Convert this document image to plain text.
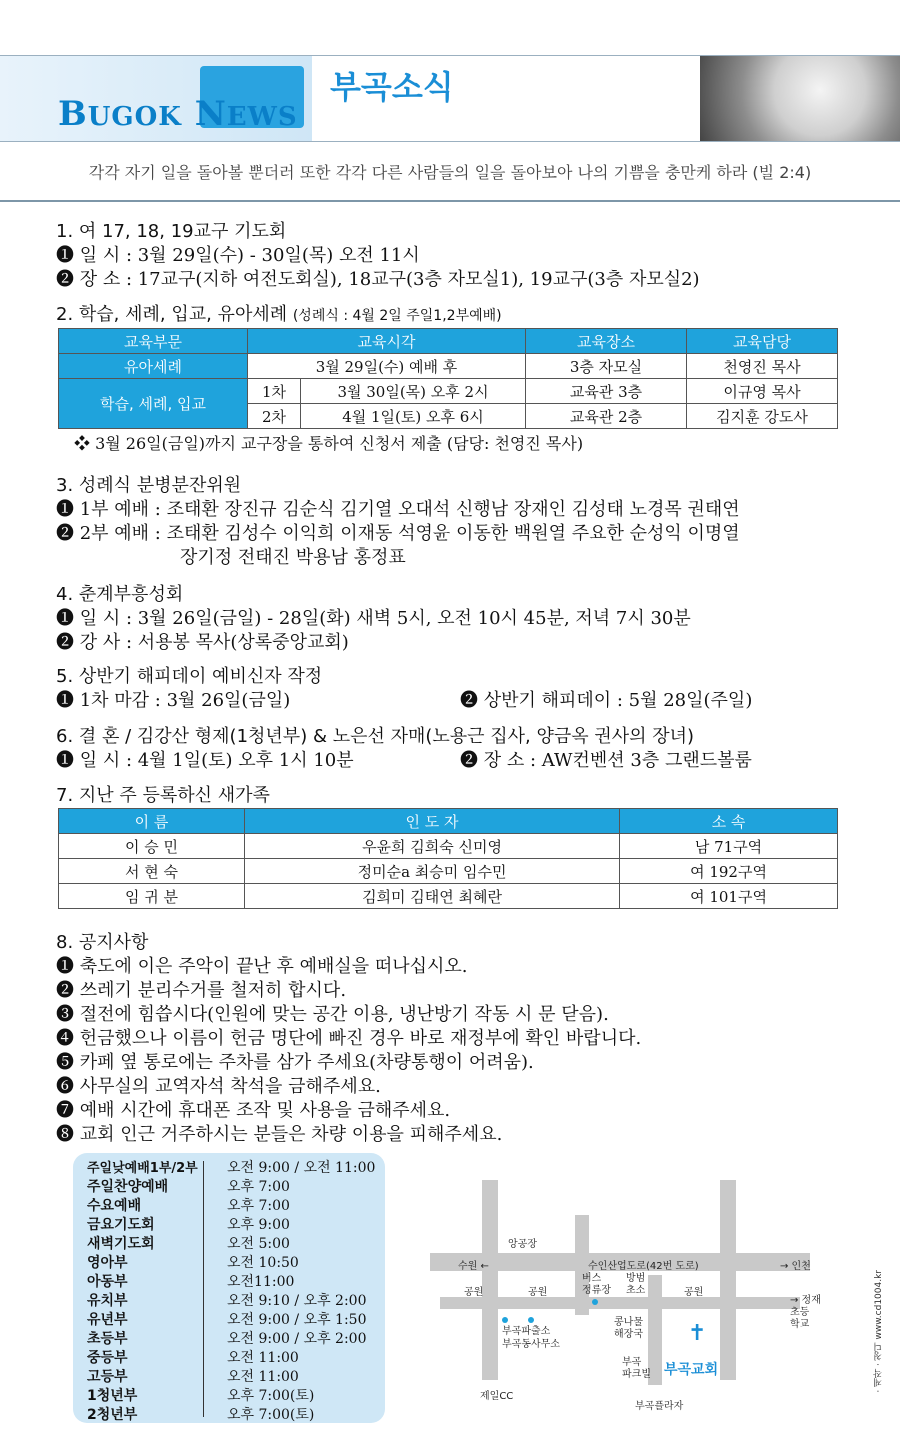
BUGOK NEWS
부곡소식
각각 자기 일을 돌아볼 뿐더러 또한 각각 다른 사람들의 일을 돌아보아 나의 기쁨을 충만케 하라 (빌 2:4)
1. 여 17, 18, 19교구 기도회
❶ 일 시 : 3월 29일(수) - 30일(목) 오전 11시
❷ 장 소 : 17교구(지하 여전도회실), 18교구(3층 자모실1), 19교구(3층 자모실2)
2. 학습, 세례, 입교, 유아세례 (성례식 : 4월 2일 주일1,2부예배)
교육부문	교육시각		교육장소	교육담당
유아세례	3월 29일(수) 예배 후		3층 자모실	천영진 목사
학습, 세례, 입교	1차	3월 30일(목) 오후 2시	교육관 3층	이규영 목사
	2차	4월 1일(토) 오후 6시	교육관 2층	김지훈 강도사
❖ 3월 26일(금일)까지 교구장을 통하여 신청서 제출 (담당: 천영진 목사)
3. 성례식 분병분잔위원
❶ 1부 예배 : 조태환 장진규 김순식 김기열 오대석 신행남 장재인 김성태 노경목 권태연
❷ 2부 예배 : 조태환 김성수 이익희 이재동 석영윤 이동한 백원열 주요한 순성익 이명열
장기정 전태진 박용남 홍정표
4. 춘계부흥성회
❶ 일 시 : 3월 26일(금일) - 28일(화) 새벽 5시, 오전 10시 45분, 저녁 7시 30분
❷ 강 사 : 서용봉 목사(상록중앙교회)
5. 상반기 해피데이 예비신자 작정
❶ 1차 마감 : 3월 26일(금일)	❷ 상반기 해피데이 : 5월 28일(주일)
6. 결 혼 / 김강산 형제(1청년부) & 노은선 자매(노용근 집사, 양금옥 권사의 장녀)
❶ 일 시 : 4월 1일(토) 오후 1시 10분	❷ 장 소 : AW컨벤션 3층 그랜드볼룸
7. 지난 주 등록하신 새가족
이 름	인 도 자	소 속
이 승 민	우윤희 김희숙 신미영	남 71구역
서 현 숙	정미순a 최승미 임수민	여 192구역
임 귀 분	김희미 김태연 최혜란	여 101구역
8. 공지사항
❶ 축도에 이은 주악이 끝난 후 예배실을 떠나십시오.
❷ 쓰레기 분리수거를 철저히 합시다.
❸ 절전에 힘씁시다(인원에 맞는 공간 이용, 냉난방기 작동 시 문 닫음).
❹ 헌금했으나 이름이 헌금 명단에 빠진 경우 바로 재정부에 확인 바랍니다.
❺ 카페 옆 통로에는 주차를 삼가 주세요(차량통행이 어려움).
❻ 사무실의 교역자석 착석을 금해주세요.
❼ 예배 시간에 휴대폰 조작 및 사용을 금해주세요.
❽ 교회 인근 거주하시는 분들은 차량 이용을 피해주세요.
주일낮예배1부/2부 오전 9:00 / 오전 11:00
주일찬양예배	오후 7:00
수요예배	오후 7:00
금요기도회	오후 9:00
새벽기도회	오전 5:00
영아부	오전 10:50
아동부	오전11:00
유치부	오전 9:10 / 오후 2:00
유년부	오전 9:00 / 오후 1:50
초등부	오전 9:00 / 오후 2:00
중등부	오전 11:00
고등부	오전 11:00
1청년부	오후 7:00(토)
2청년부	오후 7:00(토)
앙공장
수원 ←	수인산업도로(42번 도로)	→ 인천
공원	공원	공원
버스
정류장
방범
초소
→ 정재
초등
학교
부곡파출소
부곡동사무소
콩나물
해장국
부곡
파크빌
✝
부곡교회
제일CC
부곡플라자
· 제작 · 청디 www.cd1004.kr
